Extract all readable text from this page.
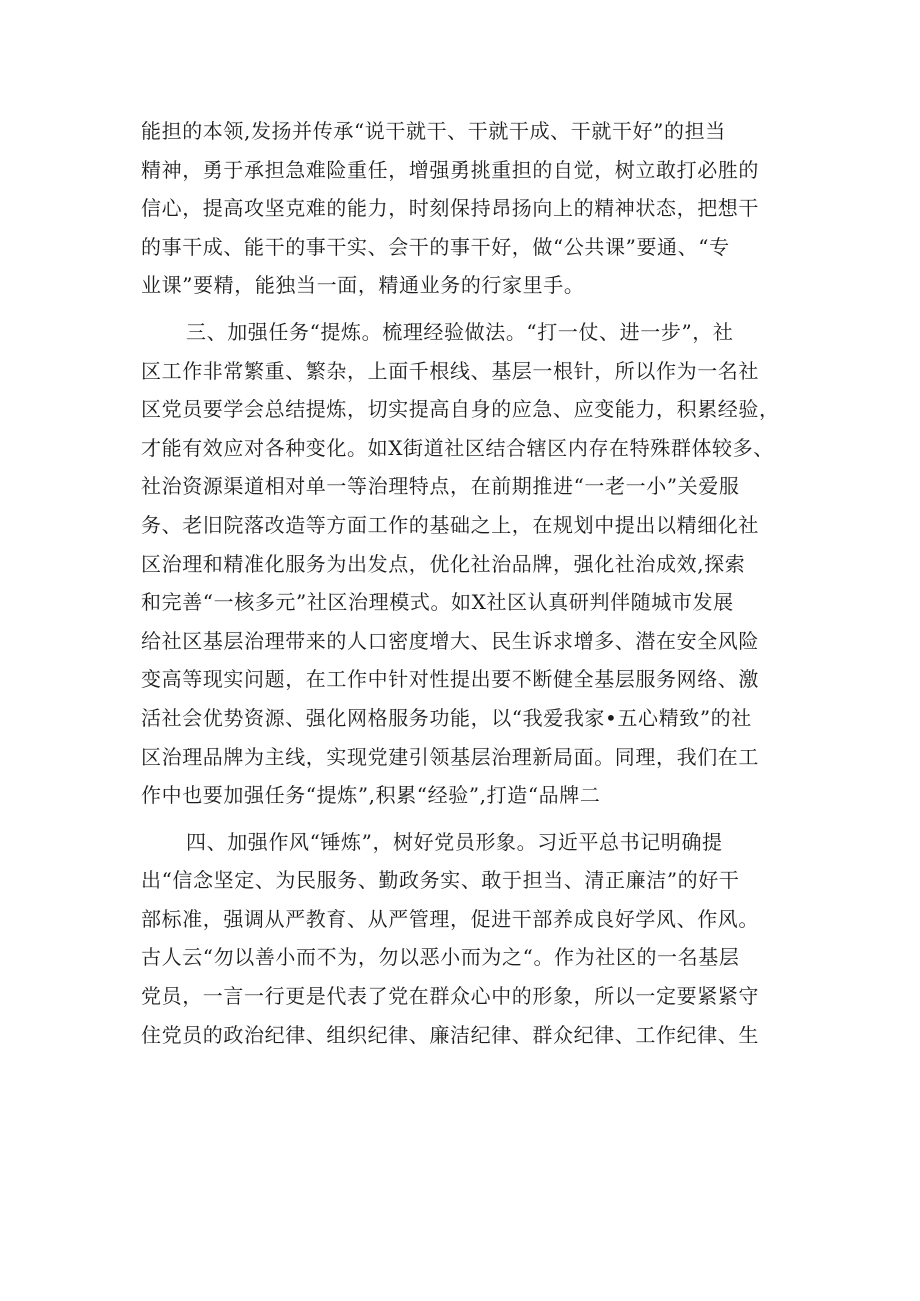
能担的本领,发扬并传承“说干就干、干就干成、干就干好”的担当
精神，勇于承担急难险重任，增强勇挑重担的自觉，树立敢打必胜的
信心，提高攻坚克难的能力，时刻保持昂扬向上的精神状态，把想干
的事干成、能干的事干实、会干的事干好，做“公共课”要通、“专
业课”要精，能独当一面，精通业务的行家里手。
三、加强任务“提炼。梳理经验做法。“打一仗、进一步”，社
区工作非常繁重、繁杂，上面千根线、基层一根针，所以作为一名社
区党员要学会总结提炼，切实提高自身的应急、应变能力，积累经验，
才能有效应对各种变化。如X街道社区结合辖区内存在特殊群体较多、
社治资源渠道相对单一等治理特点，在前期推进“一老一小”关爱服
务、老旧院落改造等方面工作的基础之上，在规划中提出以精细化社
区治理和精准化服务为出发点，优化社治品牌，强化社治成效,探索
和完善“一核多元”社区治理模式。如X社区认真研判伴随城市发展
给社区基层治理带来的人口密度增大、民生诉求增多、潜在安全风险
变高等现实问题，在工作中针对性提出要不断健全基层服务网络、激
活社会优势资源、强化网格服务功能，以“我爱我家•五心精致”的社
区治理品牌为主线，实现党建引领基层治理新局面。同理，我们在工
作中也要加强任务“提炼”,积累“经验”,打造“品牌二
四、加强作风“锤炼”，树好党员形象。习近平总书记明确提
出“信念坚定、为民服务、勤政务实、敢于担当、清正廉洁”的好干
部标准，强调从严教育、从严管理，促进干部养成良好学风、作风。
古人云“勿以善小而不为，勿以恶小而为之“。作为社区的一名基层
党员，一言一行更是代表了党在群众心中的形象，所以一定要紧紧守
住党员的政治纪律、组织纪律、廉洁纪律、群众纪律、工作纪律、生
